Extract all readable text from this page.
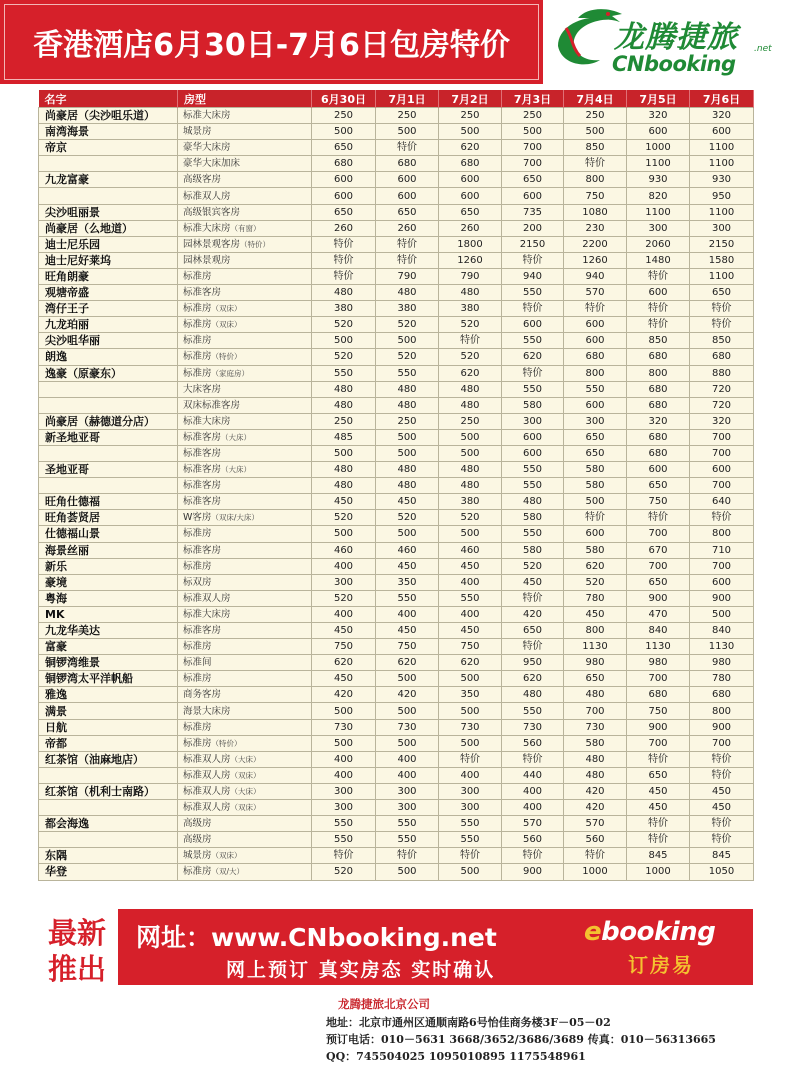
香港酒店6月30日-7月6日包房特价	龙腾捷旅 .net
CNbooking
名字	房型	6月30日	7月1日	7月2日	7月3日	7月4日	7月5日	7月6日
尚豪居（尖沙咀乐道）	标准大床房	250	250	250	250	250	320	320
南湾海景	城景房	500	500	500	500	500	600	600
帝京	豪华大床房	650	特价	620	700	850	1000	1100
	豪华大床加床	680	680	680	700	特价	1100	1100
九龙富豪	高级客房	600	600	600	650	800	930	930
	标准双人房	600	600	600	600	750	820	950
尖沙咀丽景	高级银宾客房	650	650	650	735	1080	1100	1100
尚豪居（么地道）	标准大床房（有窗）	260	260	260	200	230	300	300
迪士尼乐园	园林景观客房（特价）	特价	特价	1800	2150	2200	2060	2150
迪士尼好莱坞	园林景观房	特价	特价	1260	特价	1260	1480	1580
旺角朗豪	标准房	特价	790	790	940	940	特价	1100
观塘帝盛	标准客房	480	480	480	550	570	600	650
湾仔王子	标准房（双床）	380	380	380	特价	特价	特价	特价
九龙珀丽	标准房（双床）	520	520	520	600	600	特价	特价
尖沙咀华丽	标准房	500	500	特价	550	600	850	850
朗逸	标准房（特价）	520	520	520	620	680	680	680
逸豪（原豪东）	标准房（家庭房）	550	550	620	特价	800	800	880
	大床客房	480	480	480	550	550	680	720
	双床标准客房	480	480	480	580	600	680	720
尚豪居（赫德道分店）	标准大床房	250	250	250	300	300	320	320
新圣地亚哥	标准客房（大床）	485	500	500	600	650	680	700
	标准客房	500	500	500	600	650	680	700
圣地亚哥	标准客房（大床）	480	480	480	550	580	600	600
	标准客房	480	480	480	550	580	650	700
旺角仕德福	标准客房	450	450	380	480	500	750	640
旺角荟贤居	W客房（双床/大床）	520	520	520	580	特价	特价	特价
仕德福山景	标准房	500	500	500	550	600	700	800
海景丝丽	标准客房	460	460	460	580	580	670	710
新乐	标准房	400	450	450	520	620	700	700
豪境	标双房	300	350	400	450	520	650	600
粤海	标准双人房	520	550	550	特价	780	900	900
MK	标准大床房	400	400	400	420	450	470	500
九龙华美达	标准客房	450	450	450	650	800	840	840
富豪	标准房	750	750	750	特价	1130	1130	1130
铜锣湾维景	标准间	620	620	620	950	980	980	980
铜锣湾太平洋帆船	标准房	450	500	500	620	650	700	780
雅逸	商务客房	420	420	350	480	480	680	680
满景	海景大床房	500	500	500	550	700	750	800
日航	标准房	730	730	730	730	730	900	900
帝都	标准房（特价）	500	500	500	560	580	700	700
红茶馆（油麻地店）	标准双人房（大床）	400	400	特价	特价	480	特价	特价
	标准双人房（双床）	400	400	400	440	480	650	特价
红茶馆（机利士南路）	标准双人房（大床）	300	300	300	400	420	450	450
	标准双人房（双床）	300	300	300	400	420	450	450
都会海逸	高级房	550	550	550	570	570	特价	特价
	高级房	550	550	550	560	560	特价	特价
东隅	城景房（双床）	特价	特价	特价	特价	特价	845	845
华登	标准房（双/大）	520	500	500	900	1000	1000	1050
最新
推出
网址：www.CNbooking.net
网上预订 真实房态 实时确认
ebooking
订房易
龙腾捷旅北京公司
地址：北京市通州区通顺南路6号怡佳商务楼3F－05－02
预订电话：010－5631 3668/3652/3686/3689 传真：010－56313665
QQ：745504025 1095010895 1175548961
